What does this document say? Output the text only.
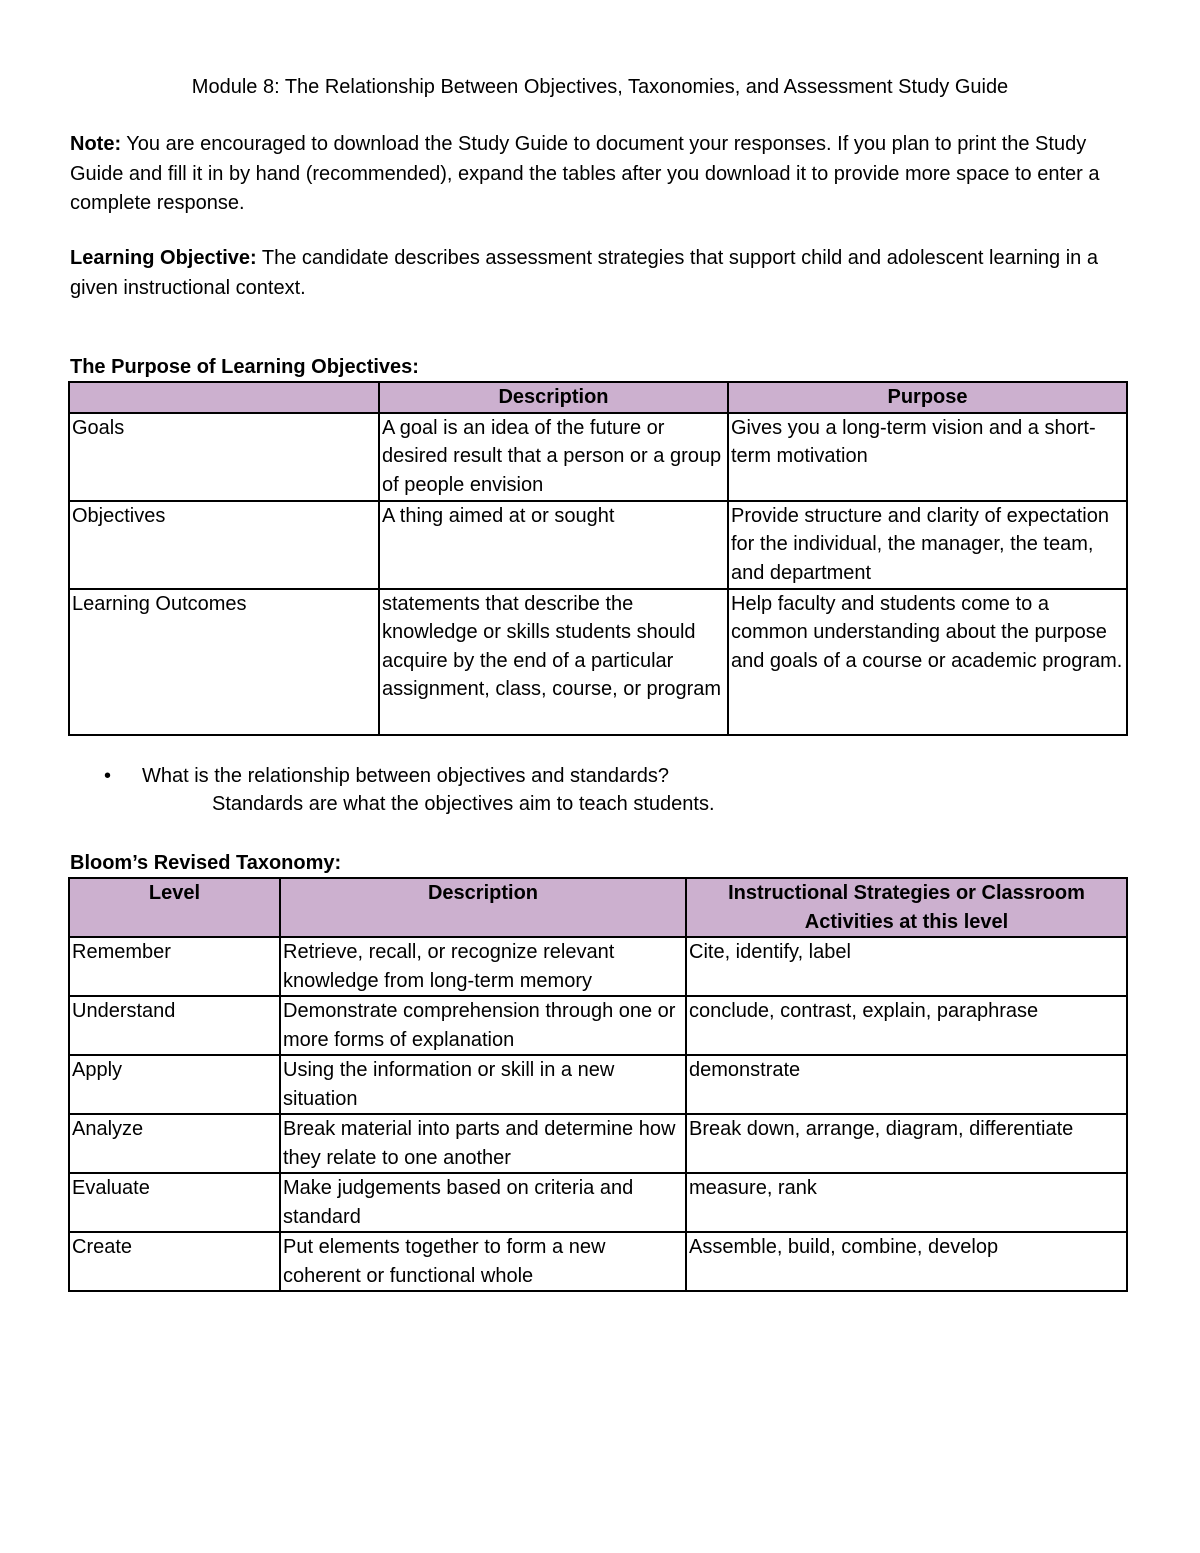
Module 8: The Relationship Between Objectives, Taxonomies, and Assessment Study Guide
Note: You are encouraged to download the Study Guide to document your responses. If you plan to print the Study Guide and fill it in by hand (recommended), expand the tables after you download it to provide more space to enter a complete response.
Learning Objective: The candidate describes assessment strategies that support child and adolescent learning in a given instructional context.
The Purpose of Learning Objectives:
	Description	Purpose
Goals	A goal is an idea of the future or desired result that a person or a group of people envision	Gives you a long-term vision and a short-term motivation
Objectives	A thing aimed at or sought	Provide structure and clarity of expectation for the individual, the manager, the team, and department
Learning Outcomes	statements that describe the knowledge or skills students should acquire by the end of a particular assignment, class, course, or program	Help faculty and students come to a common understanding about the purpose and goals of a course or academic program.
• What is the relationship between objectives and standards?
Standards are what the objectives aim to teach students.
Bloom’s Revised Taxonomy:
Level	Description	Instructional Strategies or Classroom Activities at this level
Remember	Retrieve, recall, or recognize relevant knowledge from long-term memory	Cite, identify, label
Understand	Demonstrate comprehension through one or more forms of explanation	conclude, contrast, explain, paraphrase
Apply	Using the information or skill in a new situation	demonstrate
Analyze	Break material into parts and determine how they relate to one another	Break down, arrange, diagram, differentiate
Evaluate	Make judgements based on criteria and standard	measure, rank
Create	Put elements together to form a new coherent or functional whole	Assemble, build, combine, develop
